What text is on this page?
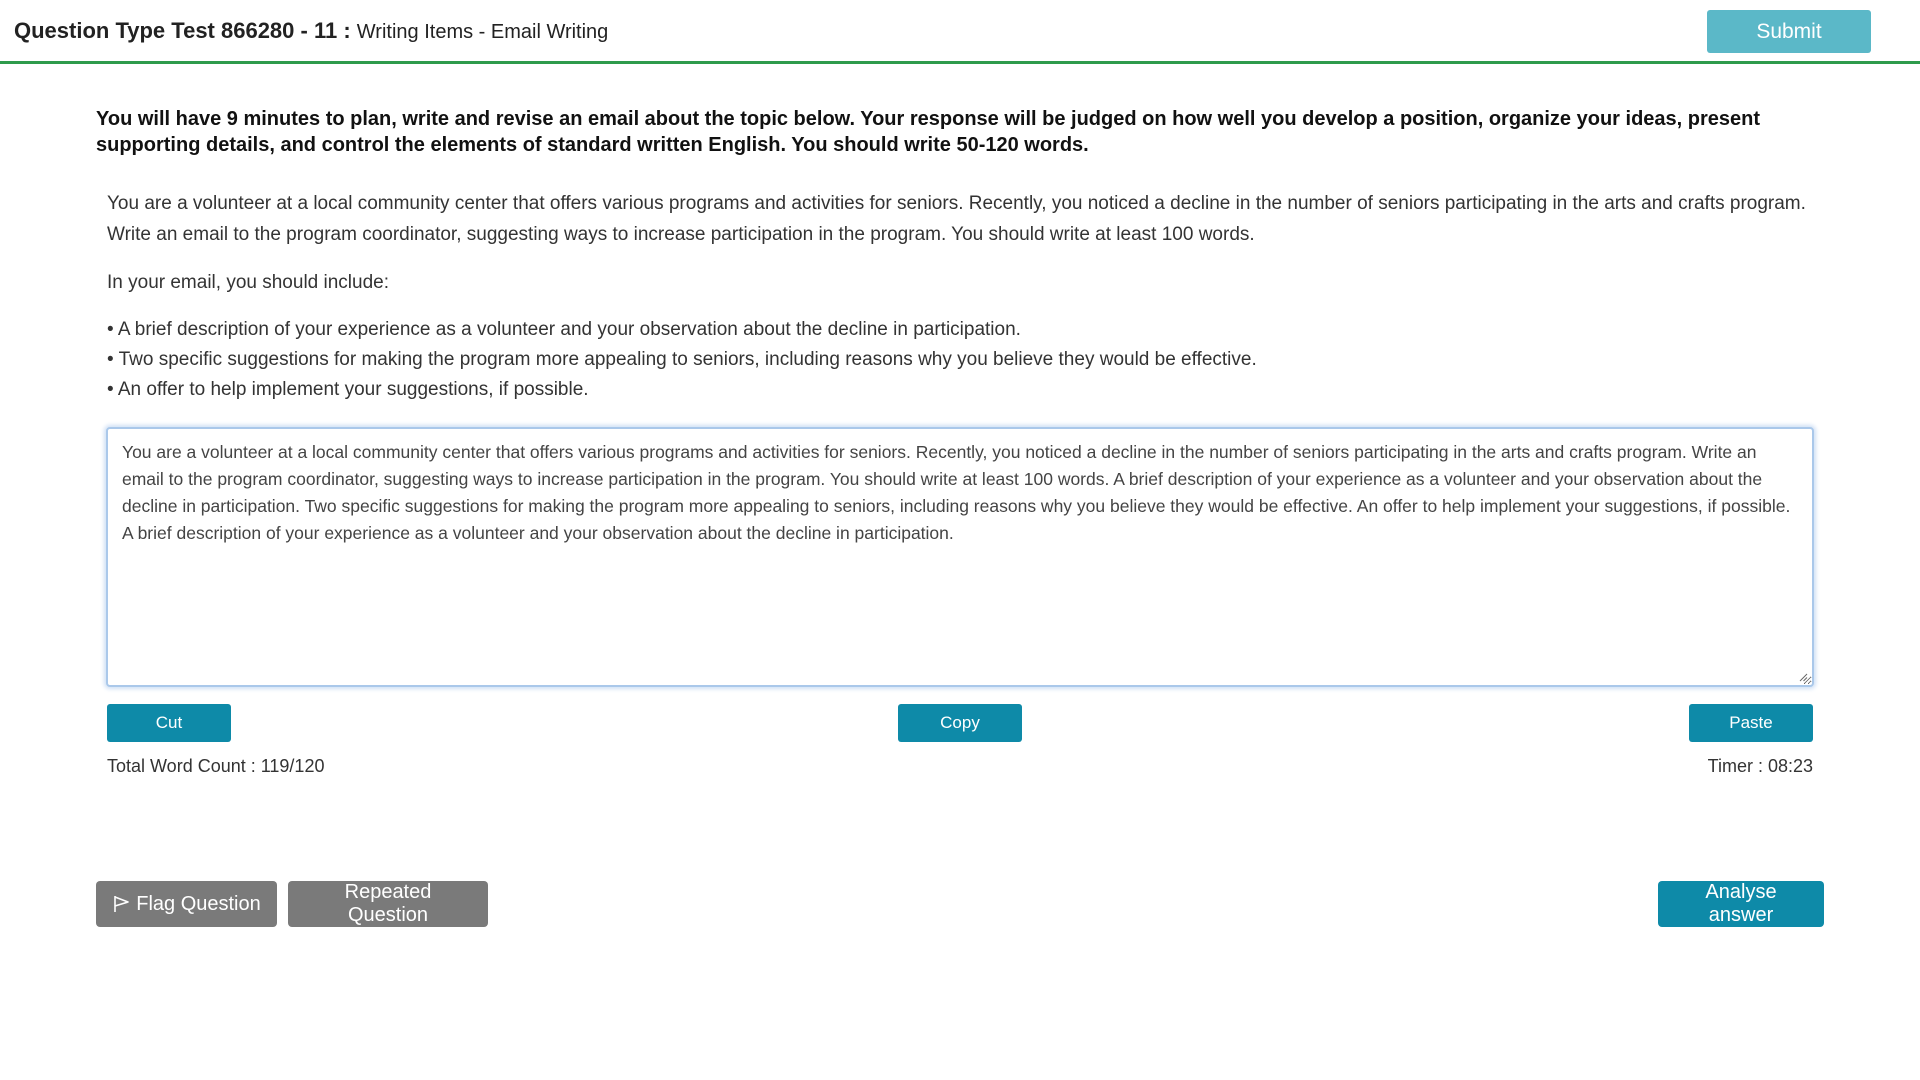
Question Type Test 866280 - 11 : Writing Items - Email Writing	Submit
You will have 9 minutes to plan, write and revise an email about the topic below. Your response will be judged on how well you develop a position, organize your ideas, present supporting details, and control the elements of standard written English. You should write 50-120 words.

You are a volunteer at a local community center that offers various programs and activities for seniors. Recently, you noticed a decline in the number of seniors participating in the arts and crafts program. Write an email to the program coordinator, suggesting ways to increase participation in the program. You should write at least 100 words.

In your email, you should include:

• A brief description of your experience as a volunteer and your observation about the decline in participation.
• Two specific suggestions for making the program more appealing to seniors, including reasons why you believe they would be effective.
• An offer to help implement your suggestions, if possible.
You are a volunteer at a local community center that offers various programs and activities for seniors. Recently, you noticed a decline in the number of seniors participating in the arts and crafts program. Write an email to the program coordinator, suggesting ways to increase participation in the program. You should write at least 100 words. A brief description of your experience as a volunteer and your observation about the decline in participation. Two specific suggestions for making the program more appealing to seniors, including reasons why you believe they would be effective. An offer to help implement your suggestions, if possible. A brief description of your experience as a volunteer and your observation about the decline in participation.
Cut	Copy	Paste
Total Word Count : 119/120	Timer : 08:23
Flag Question
Repeated Question
Analyse answer
